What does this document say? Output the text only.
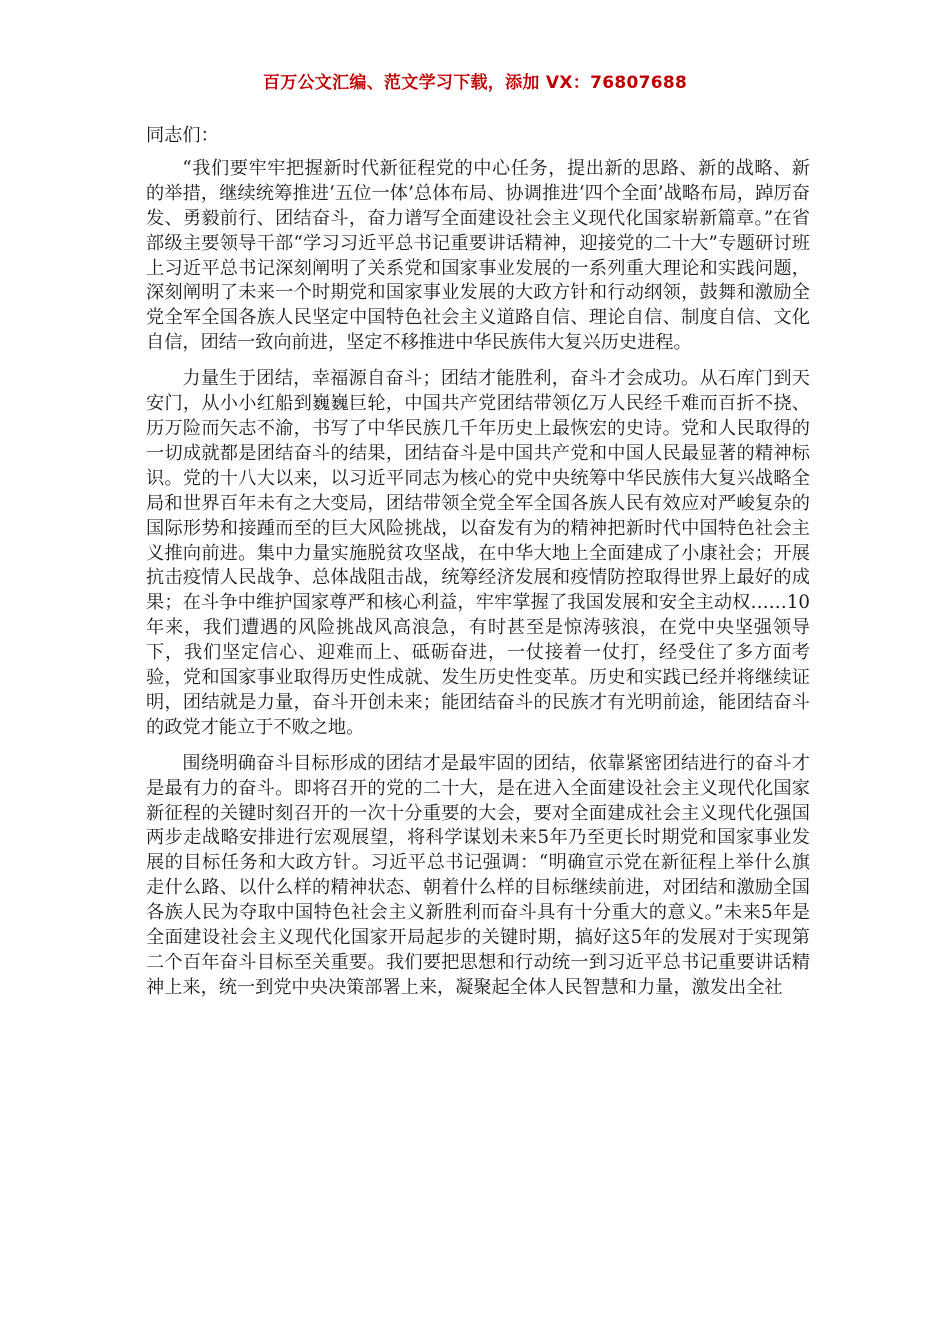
百万公文汇编、范文学习下载，添加 VX：76807688

同志们：

“我们要牢牢把握新时代新征程党的中心任务，提出新的思路、新的战略、新的举措，继续统筹推进‘五位一体’总体布局、协调推进‘四个全面’战略布局，踔厉奋发、勇毅前行、团结奋斗，奋力谱写全面建设社会主义现代化国家崭新篇章。”在省部级主要领导干部“学习习近平总书记重要讲话精神，迎接党的二十大”专题研讨班上习近平总书记深刻阐明了关系党和国家事业发展的一系列重大理论和实践问题，深刻阐明了未来一个时期党和国家事业发展的大政方针和行动纲领，鼓舞和激励全党全军全国各族人民坚定中国特色社会主义道路自信、理论自信、制度自信、文化自信，团结一致向前进，坚定不移推进中华民族伟大复兴历史进程。

力量生于团结，幸福源自奋斗；团结才能胜利，奋斗才会成功。从石库门到天安门，从小小红船到巍巍巨轮，中国共产党团结带领亿万人民经千难而百折不挠、历万险而矢志不渝，书写了中华民族几千年历史上最恢宏的史诗。党和人民取得的一切成就都是团结奋斗的结果，团结奋斗是中国共产党和中国人民最显著的精神标识。党的十八大以来，以习近平同志为核心的党中央统筹中华民族伟大复兴战略全局和世界百年未有之大变局，团结带领全党全军全国各族人民有效应对严峻复杂的国际形势和接踵而至的巨大风险挑战，以奋发有为的精神把新时代中国特色社会主义推向前进。集中力量实施脱贫攻坚战，在中华大地上全面建成了小康社会；开展抗击疫情人民战争、总体战阻击战，统筹经济发展和疫情防控取得世界上最好的成果；在斗争中维护国家尊严和核心利益，牢牢掌握了我国发展和安全主动权……10年来，我们遭遇的风险挑战风高浪急，有时甚至是惊涛骇浪，在党中央坚强领导下，我们坚定信心、迎难而上、砥砺奋进，一仗接着一仗打，经受住了多方面考验，党和国家事业取得历史性成就、发生历史性变革。历史和实践已经并将继续证明，团结就是力量，奋斗开创未来；能团结奋斗的民族才有光明前途，能团结奋斗的政党才能立于不败之地。

围绕明确奋斗目标形成的团结才是最牢固的团结，依靠紧密团结进行的奋斗才是最有力的奋斗。即将召开的党的二十大，是在进入全面建设社会主义现代化国家新征程的关键时刻召开的一次十分重要的大会，要对全面建成社会主义现代化强国两步走战略安排进行宏观展望，将科学谋划未来5年乃至更长时期党和国家事业发展的目标任务和大政方针。习近平总书记强调：“明确宣示党在新征程上举什么旗走什么路、以什么样的精神状态、朝着什么样的目标继续前进，对团结和激励全国各族人民为夺取中国特色社会主义新胜利而奋斗具有十分重大的意义。”未来5年是全面建设社会主义现代化国家开局起步的关键时期，搞好这5年的发展对于实现第二个百年奋斗目标至关重要。我们要把思想和行动统一到习近平总书记重要讲话精神上来，统一到党中央决策部署上来，凝聚起全体人民智慧和力量，激发出全社
